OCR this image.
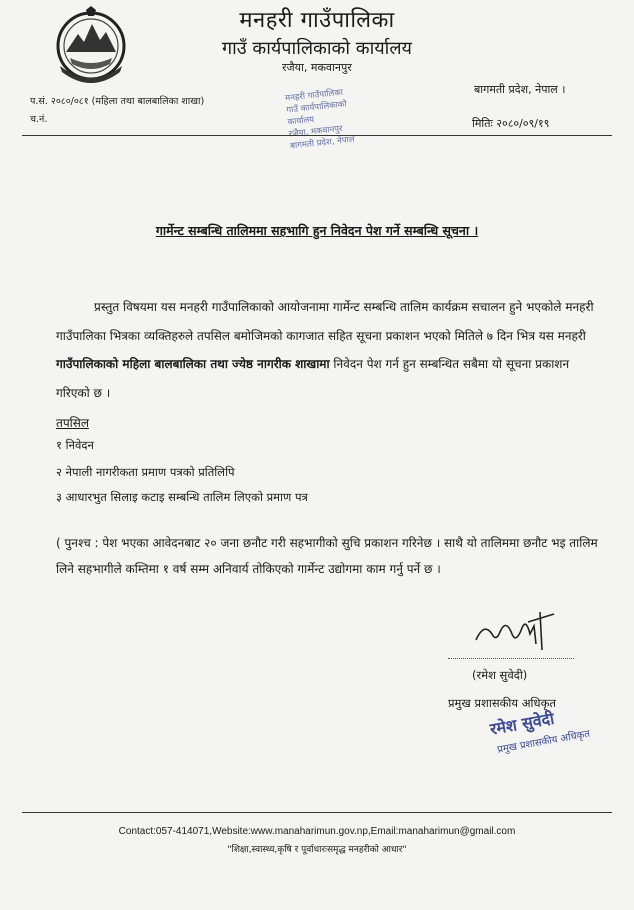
मनहरी गाउँपालिका
गाउँ कार्यपालिकाको कार्यालय
रजैया, मकवानपुर
बागमती प्रदेश, नेपाल ।
प.सं. २०८०/०८१ (महिला तथा बालबालिका शाखा)
च.नं.	मितिः २०८०/०९/१९
मनहरी गाउँपालिका
गाउँ कार्यपालिकाको कार्यालय
रजैया, मकवानपुर
बागमती प्रदेश, नेपाल
गार्मेन्ट सम्बन्धि तालिममा सहभागि हुन निवेदन पेश गर्ने सम्बन्धि सूचना ।
प्रस्तुत विषयमा यस मनहरी गाउँपालिकाको आयोजनामा गार्मेन्ट सम्बन्धि तालिम कार्यक्रम सचालन हुने भएकोले मनहरी गाउँपालिका भित्रका व्यक्तिहरुले तपसिल बमोजिमको कागजात सहित सूचना प्रकाशन भएको मितिले ७ दिन भित्र यस मनहरी गाउँपालिकाको महिला बालबालिका तथा ज्येष्ठ नागरीक शाखामा निवेदन पेश गर्न हुन सम्बन्धित सबैमा यो सूचना प्रकाशन गरिएको छ ।
तपसिल
१ निवेदन
२ नेपाली नागरीकता प्रमाण पत्रको प्रतिलिपि
३ आधारभुत सिलाइ कटाइ सम्बन्धि तालिम लिएको प्रमाण पत्र
( पुनश्च : पेश भएका आवेदनबाट २० जना छनौट गरी सहभागीको सुचि प्रकाशन गरिनेछ । साथै यो तालिममा छनौट भइ तालिम लिने सहभागीले कम्तिमा १ वर्ष सम्म अनिवार्य तोकिएको गार्मेन्ट उद्योगमा काम गर्नु पर्ने छ ।
(रमेश सुवेदी)
प्रमुख प्रशासकीय अधिकृत
रमेश सुवेदी
प्रमुख प्रशासकीय अधिकृत
Contact:057-414071,Website:www.manaharimun.gov.np,Email:manaharimun@gmail.com
"शिक्षा,स्वास्थ्य,कृषि र पूर्वाधारःसमृद्ध मनहरीको आधार"
